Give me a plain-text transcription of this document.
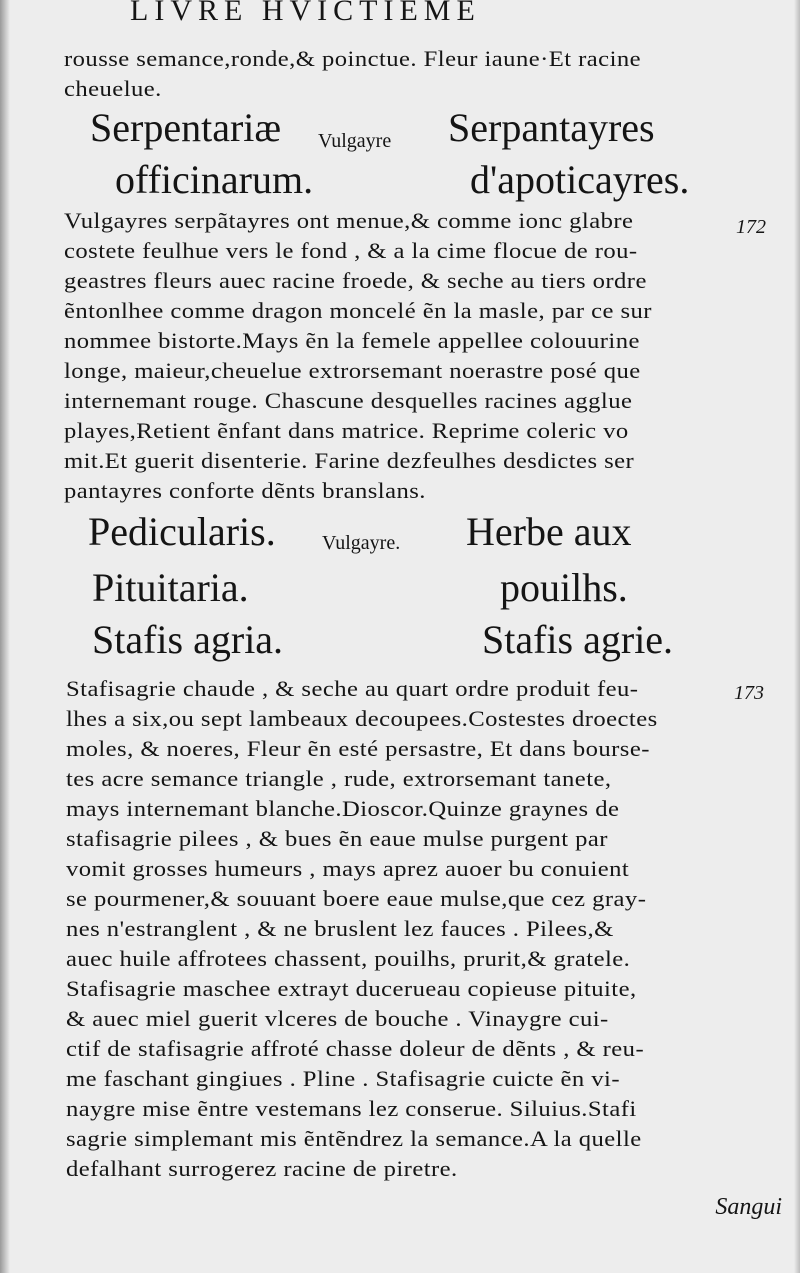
LIVRE HVICTIEME
rousse semance,ronde,& poinctue. Fleur iaune·Et racine
cheuelue.
Serpentariæ
officinarum.
Vulgayre Serpantayres
d'apoticayres.
172
Vulgayres serpãtayres ont menue,& comme ionc glabre
costete feulhue vers le fond , & a la cime flocue de rou-
geastres fleurs auec racine froede, & seche au tiers ordre
ẽntonlhee comme dragon moncelé ẽn la masle, par ce sur
nommee bistorte.Mays ẽn la femele appellee colouurine
longe, maieur,cheuelue extrorsemant noerastre posé que
internemant rouge. Chascune desquelles racines agglue
playes,Retient ẽnfant dans matrice. Reprime coleric vo
mit.Et guerit disenterie. Farine dezfeulhes desdictes ser
pantayres conforte dẽnts branslans.
Pedicularis.
Pituitaria.
Stafis agria.
Vulgayre. Herbe aux
pouilhs.
Stafis agrie.
173
Stafisagrie chaude , & seche au quart ordre produit feu-
lhes a six,ou sept lambeaux decoupees.Costestes droectes
moles, & noeres, Fleur ẽn esté persastre, Et dans bourse-
tes acre semance triangle , rude, extrorsemant tanete,
mays internemant blanche.Dioscor.Quinze graynes de
stafisagrie pilees , & bues ẽn eaue mulse purgent par
vomit grosses humeurs , mays aprez auoer bu conuient
se pourmener,& souuant boere eaue mulse,que cez gray-
nes n'estranglent , & ne bruslent lez fauces . Pilees,&
auec huile affrotees chassent, pouilhs, prurit,& gratele.
Stafisagrie maschee extrayt ducerueau copieuse pituite,
& auec miel guerit vlceres de bouche . Vinaygre cui-
ctif de stafisagrie affroté chasse doleur de dẽnts , & reu-
me faschant gingiues . Pline . Stafisagrie cuicte ẽn vi-
naygre mise ẽntre vestemans lez conserue. Siluius.Stafi
sagrie simplemant mis ẽntẽndrez la semance.A la quelle
defalhant surrogerez racine de piretre.
Sangui
